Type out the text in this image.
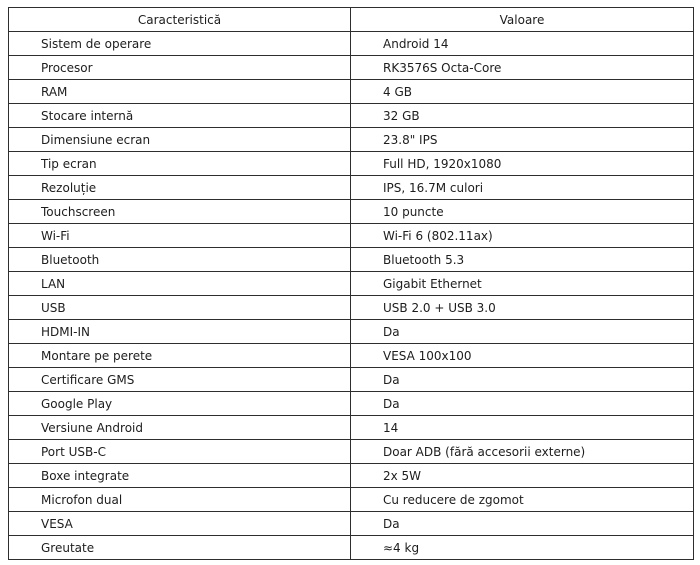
Caracteristică	Valoare
Sistem de operare	Android 14
Procesor	RK3576S Octa-Core
RAM	4 GB
Stocare internă	32 GB
Dimensiune ecran	23.8" IPS
Tip ecran	Full HD, 1920x1080
Rezoluție	IPS, 16.7M culori
Touchscreen	10 puncte
Wi-Fi	Wi-Fi 6 (802.11ax)
Bluetooth	Bluetooth 5.3
LAN	Gigabit Ethernet
USB	USB 2.0 + USB 3.0
HDMI-IN	Da
Montare pe perete	VESA 100x100
Certificare GMS	Da
Google Play	Da
Versiune Android	14
Port USB-C	Doar ADB (fără accesorii externe)
Boxe integrate	2x 5W
Microfon dual	Cu reducere de zgomot
VESA	Da
Greutate	≈4 kg
